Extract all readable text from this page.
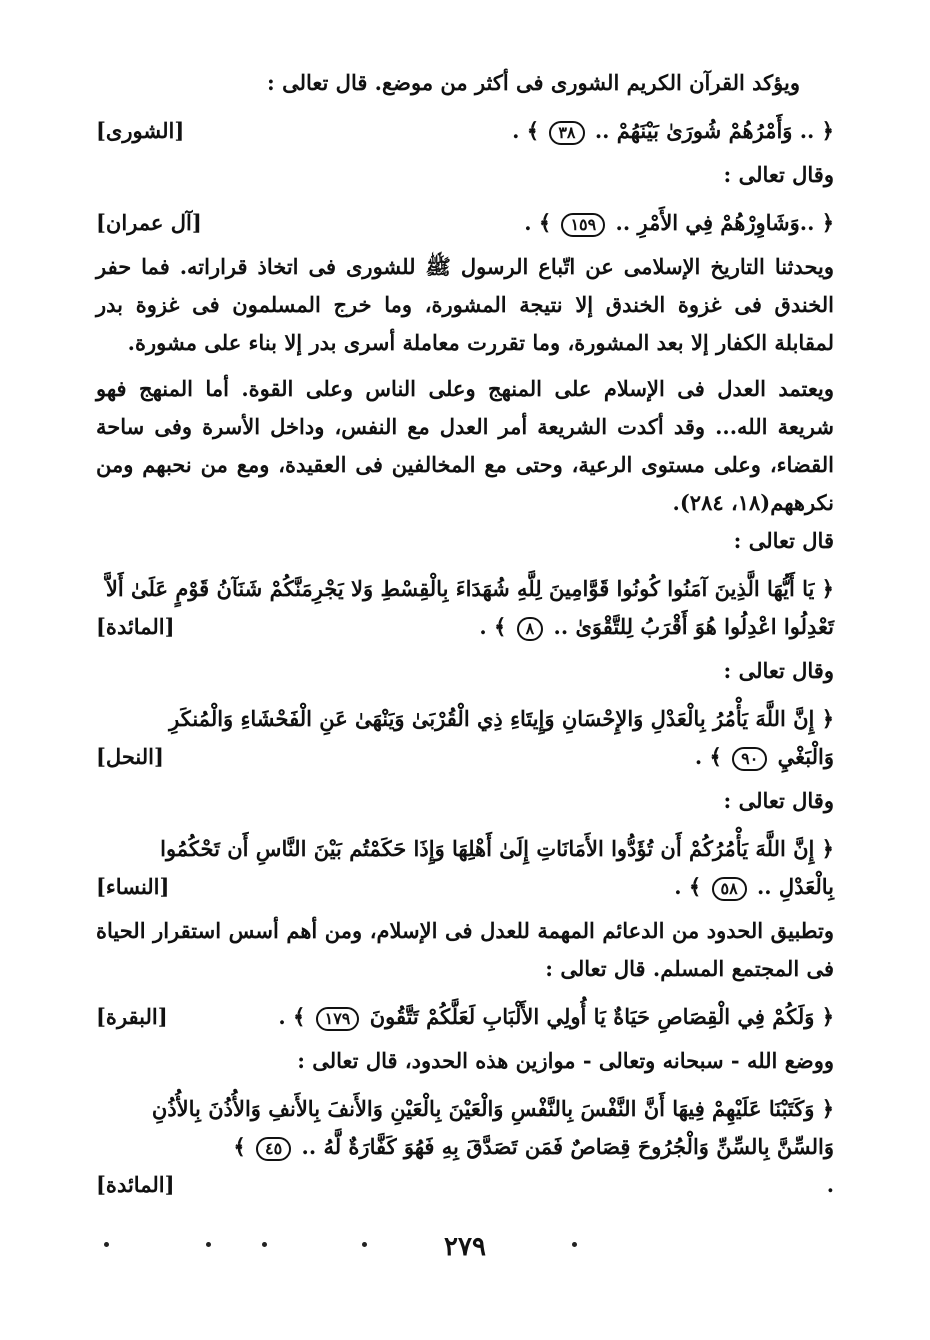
ويؤكد القرآن الكريم الشورى فى أكثر من موضع. قال تعالى :

﴿ .. وَأَمْرُهُمْ شُورَىٰ بَيْنَهُمْ .. ٣٨ ﴾ .
[الشورى]

وقال تعالى :

﴿ ..وَشَاوِرْهُمْ فِي الأَمْرِ .. ١٥٩ ﴾ .
[آل عمران]

ويحدثنا التاريخ الإسلامى عن اتّباع الرسول ﷺ للشورى فى اتخاذ قراراته. فما حفر الخندق فى غزوة الخندق إلا نتيجة المشورة، وما خرج المسلمون فى غزوة بدر لمقابلة الكفار إلا بعد المشورة، وما تقررت معاملة أسرى بدر إلا بناء على مشورة.

ويعتمد العدل فى الإسلام على المنهج وعلى الناس وعلى القوة. أما المنهج فهو شريعة الله... وقد أكدت الشريعة أمر العدل مع النفس، وداخل الأسرة وفى ساحة القضاء، وعلى مستوى الرعية، وحتى مع المخالفين فى العقيدة، ومع من نحبهم ومن نكرههم(١٨، ٢٨٤).

قال تعالى :

﴿ يَا أَيُّهَا الَّذِينَ آمَنُوا كُونُوا قَوَّامِينَ لِلَّهِ شُهَدَاءَ بِالْقِسْطِ وَلا يَجْرِمَنَّكُمْ شَنَآنُ قَوْمٍ عَلَىٰ أَلاَّ
تَعْدِلُوا اعْدِلُوا هُوَ أَقْرَبُ لِلتَّقْوَىٰ .. ٨ ﴾ .
[المائدة]

وقال تعالى :

﴿ إِنَّ اللَّهَ يَأْمُرُ بِالْعَدْلِ وَالإِحْسَانِ وَإِيتَاءِ ذِي الْقُرْبَىٰ وَيَنْهَىٰ عَنِ الْفَحْشَاءِ وَالْمُنكَرِ
وَالْبَغْيِ ٩٠ ﴾ .
[النحل]

وقال تعالى :

﴿ إِنَّ اللَّهَ يَأْمُرُكُمْ أَن تُؤَدُّوا الأَمَانَاتِ إِلَىٰ أَهْلِهَا وَإِذَا حَكَمْتُم بَيْنَ النَّاسِ أَن تَحْكُمُوا
بِالْعَدْلِ .. ٥٨ ﴾ .
[النساء]

وتطبيق الحدود من الدعائم المهمة للعدل فى الإسلام، ومن أهم أسس استقرار الحياة فى المجتمع المسلم. قال تعالى :

﴿ وَلَكُمْ فِي الْقِصَاصِ حَيَاةٌ يَا أُولِي الأَلْبَابِ لَعَلَّكُمْ تَتَّقُونَ ١٧٩ ﴾ .
[البقرة]

ووضع الله - سبحانه وتعالى - موازين هذه الحدود، قال تعالى :

﴿ وَكَتَبْنَا عَلَيْهِمْ فِيهَا أَنَّ النَّفْسَ بِالنَّفْسِ وَالْعَيْنَ بِالْعَيْنِ وَالأَنفَ بِالأَنفِ وَالأُذُنَ بِالأُذُنِ
وَالسِّنَّ بِالسِّنِّ وَالْجُرُوحَ قِصَاصٌ فَمَن تَصَدَّقَ بِهِ فَهُوَ كَفَّارَةٌ لَّهُ .. ٤٥ ﴾ .
[المائدة]
٢٧٩
